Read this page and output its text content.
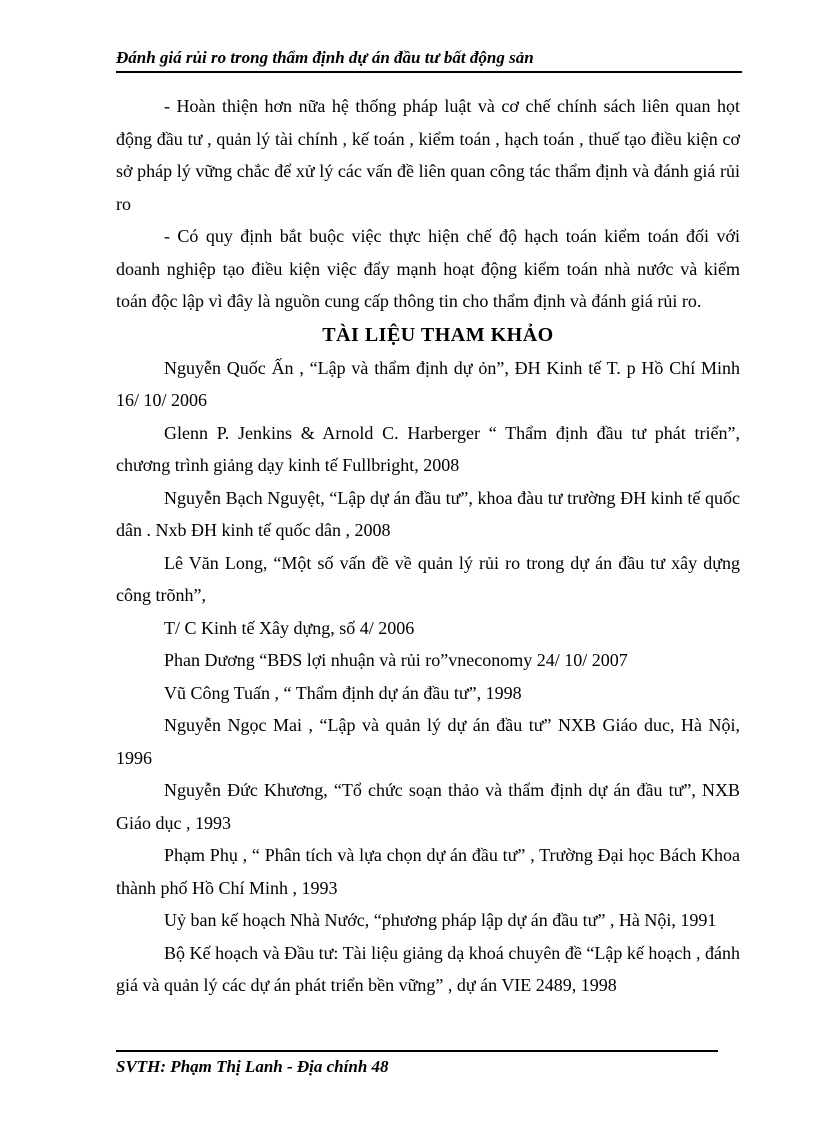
Đánh giá rủi ro trong thẩm định dự án đầu tư bất động sản

- Hoàn thiện hơn nữa hệ thống pháp luật và cơ chế chính sách liên quan họt động đầu tư , quản lý tài chính , kế toán , kiểm toán , hạch toán , thuế tạo điều kiện cơ sở pháp lý vững chắc để xử lý các vấn đề liên quan công tác thẩm định và đánh giá rủi ro

- Có quy định bắt buộc việc thực hiện chế độ hạch toán kiểm toán đối với doanh nghiệp tạo điều kiện việc đẩy mạnh hoạt động kiểm toán nhà nước và kiểm toán độc lập vì đây là nguồn cung cấp thông tin cho thẩm định và đánh giá rủi ro.

TÀI LIỆU THAM KHẢO

Nguyễn Quốc Ấn , “Lập và thẩm định dự ỏn”, ĐH Kinh tế T. p Hồ Chí Minh 16/ 10/ 2006

Glenn P. Jenkins & Arnold C. Harberger “ Thẩm định đầu tư phát triển”, chương trình giảng dạy kinh tế Fullbright, 2008

Nguyễn Bạch Nguyệt, “Lập dự án đầu tư”, khoa đàu tư trường ĐH kinh tế quốc dân . Nxb ĐH kinh tế quốc dân , 2008

Lê Văn Long, “Một số vấn đề về quản lý rủi ro trong dự án đầu tư xây dựng công trõnh”,

T/ C Kinh tế Xây dựng, số 4/ 2006

Phan Dương “BĐS lợi nhuận và rủi ro”vneconomy 24/ 10/ 2007

Vũ Công Tuấn , “ Thẩm định dự án đầu tư”, 1998

Nguyễn Ngọc Mai , “Lập và quản lý dự án đầu tư” NXB Giáo duc, Hà Nội, 1996

Nguyễn Đức Khương, “Tổ chức soạn thảo và thẩm định dự án đầu tư”, NXB Giáo dục , 1993

Phạm Phụ , “ Phân tích và lựa chọn dự án đầu tư” , Trường Đại học Bách Khoa thành phố Hồ Chí Minh , 1993

Uỷ ban kế hoạch Nhà Nước, “phương pháp lập dự án đầu tư” , Hà Nội, 1991

Bộ Kế hoạch và Đầu tư: Tài liệu giảng dạ khoá chuyên đề “Lập kế hoạch , đánh giá và quản lý các dự án phát triển bền vững” , dự án VIE 2489, 1998

SVTH: Phạm Thị Lanh - Địa chính 48
